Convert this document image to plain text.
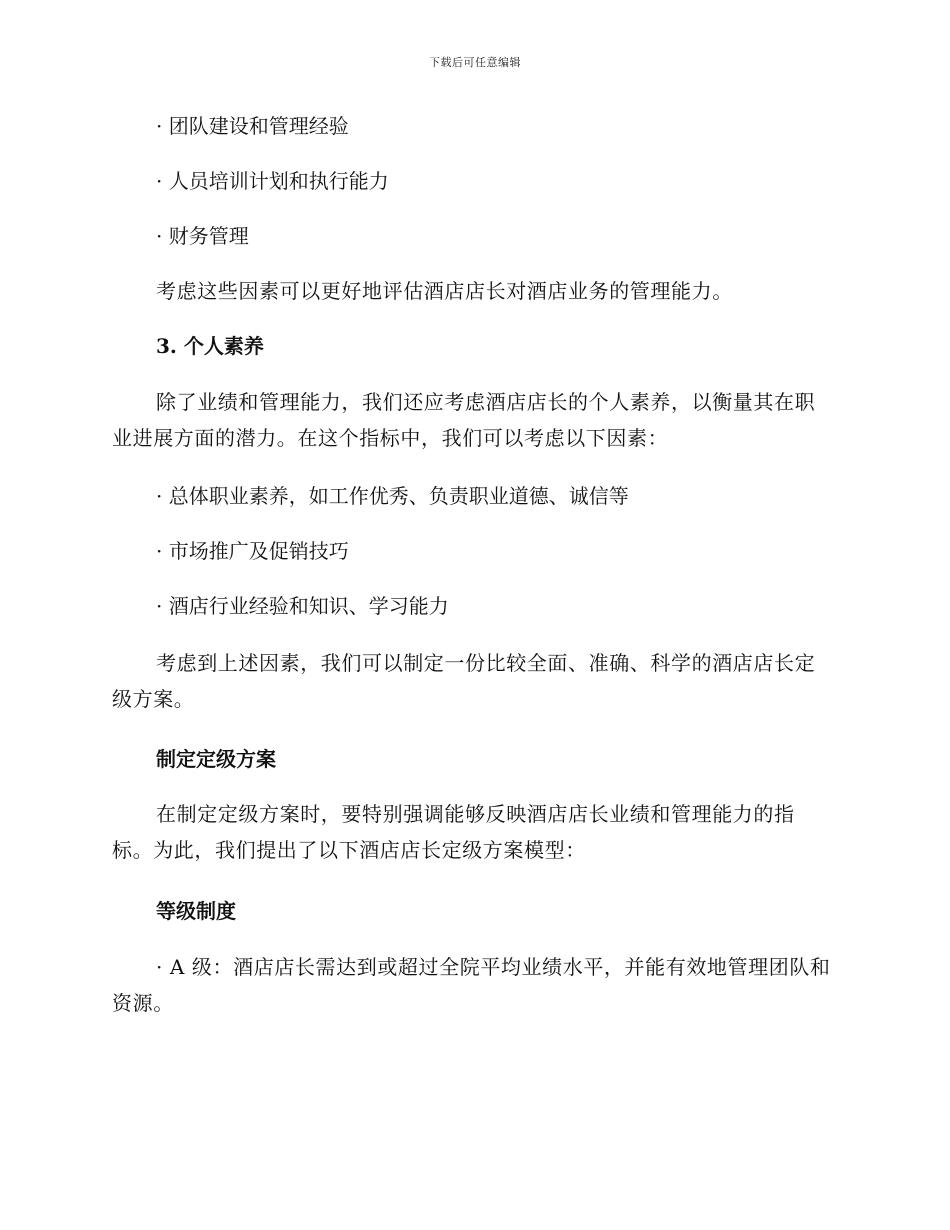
下载后可任意编辑

· 团队建设和管理经验

· 人员培训计划和执行能力

· 财务管理

考虑这些因素可以更好地评估酒店店长对酒店业务的管理能力。

3. 个人素养

除了业绩和管理能力，我们还应考虑酒店店长的个人素养，以衡量其在职业进展方面的潜力。在这个指标中，我们可以考虑以下因素：

· 总体职业素养，如工作优秀、负责职业道德、诚信等

· 市场推广及促销技巧

· 酒店行业经验和知识、学习能力

考虑到上述因素，我们可以制定一份比较全面、准确、科学的酒店店长定级方案。

制定定级方案

在制定定级方案时，要特别强调能够反映酒店店长业绩和管理能力的指标。为此，我们提出了以下酒店店长定级方案模型：

等级制度

· A 级：酒店店长需达到或超过全院平均业绩水平，并能有效地管理团队和资源。
